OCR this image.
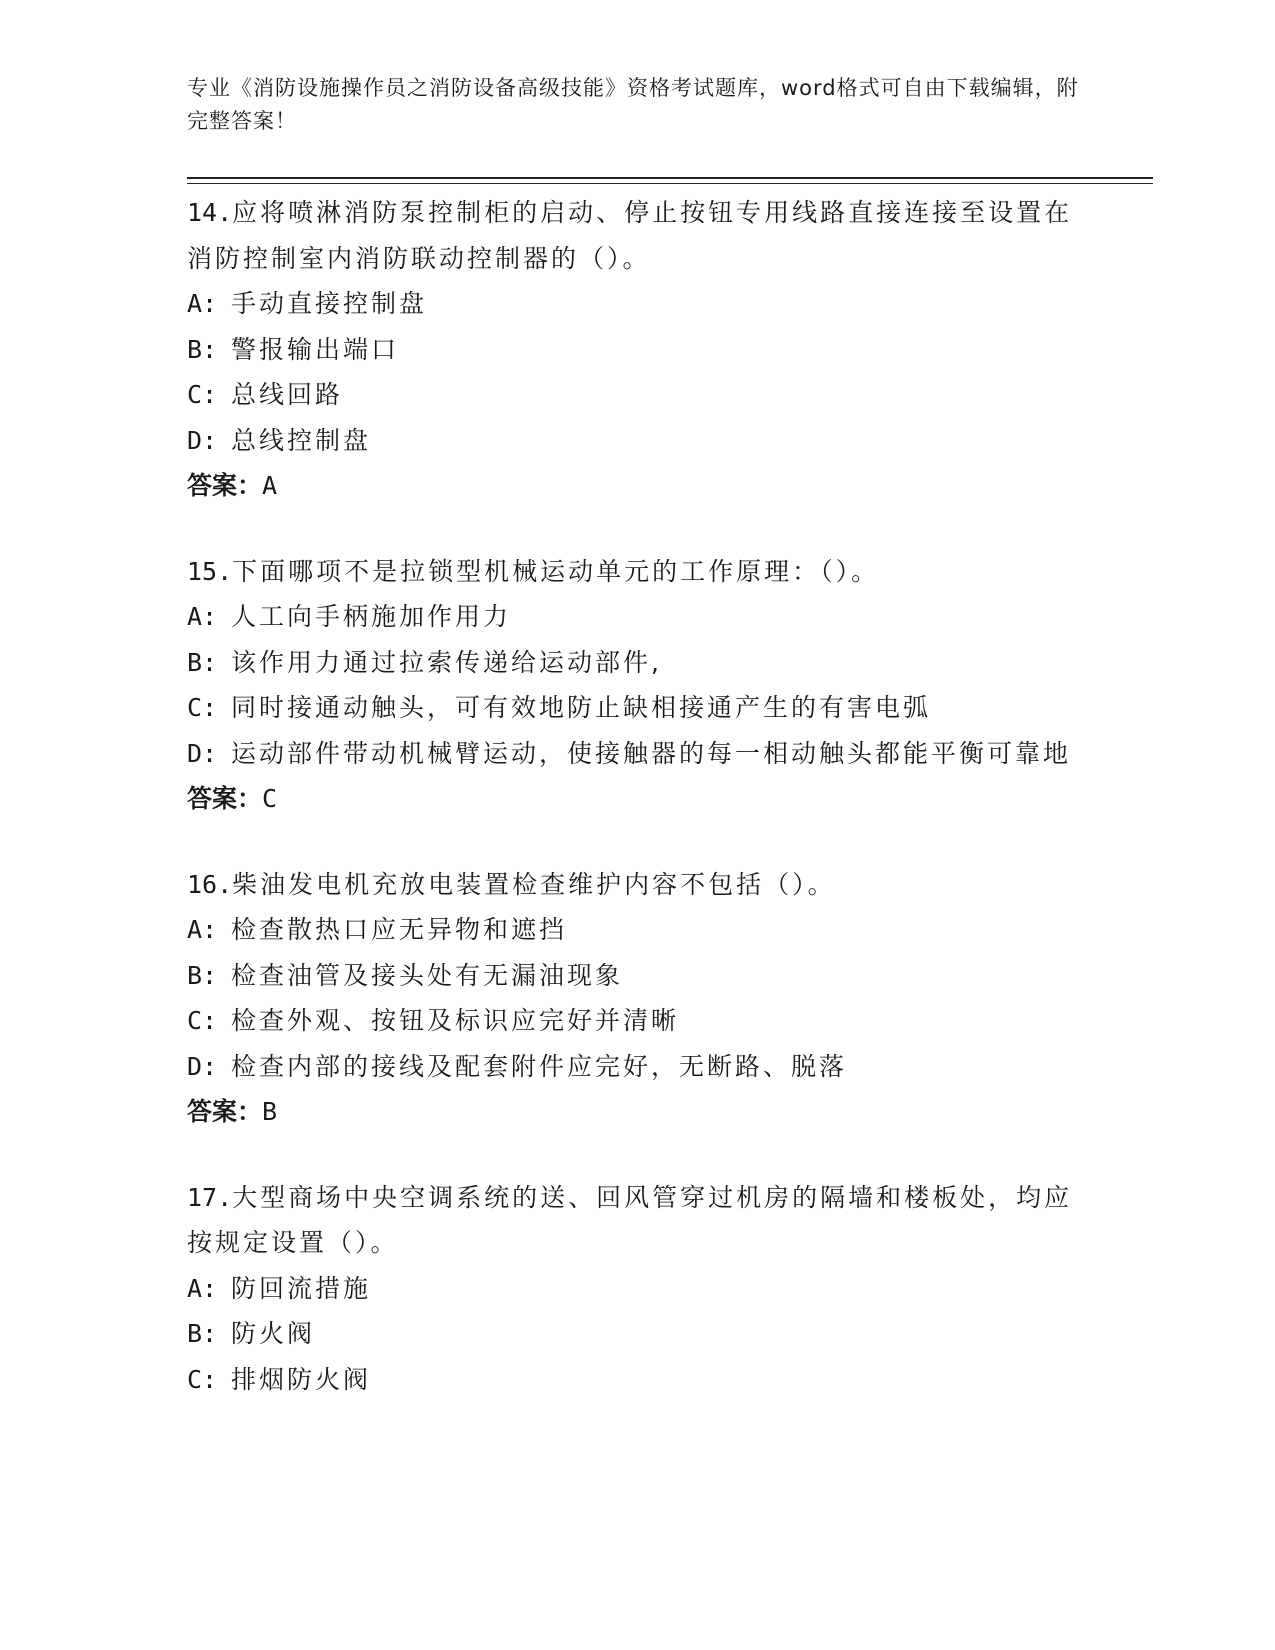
专业《消防设施操作员之消防设备高级技能》资格考试题库，word格式可自由下载编辑，附完整答案！
14.应将喷淋消防泵控制柜的启动、停止按钮专用线路直接连接至设置在消防控制室内消防联动控制器的（）。
A: 手动直接控制盘
B: 警报输出端口
C: 总线回路
D: 总线控制盘
答案：A
15.下面哪项不是拉锁型机械运动单元的工作原理：（）。
A: 人工向手柄施加作用力
B: 该作用力通过拉索传递给运动部件,
C: 同时接通动触头，可有效地防止缺相接通产生的有害电弧
D: 运动部件带动机械臂运动，使接触器的每一相动触头都能平衡可靠地
答案：C
16.柴油发电机充放电装置检查维护内容不包括（）。
A: 检查散热口应无异物和遮挡
B: 检查油管及接头处有无漏油现象
C: 检查外观、按钮及标识应完好并清晰
D: 检查内部的接线及配套附件应完好，无断路、脱落
答案：B
17.大型商场中央空调系统的送、回风管穿过机房的隔墙和楼板处，均应按规定设置（）。
A: 防回流措施
B: 防火阀
C: 排烟防火阀
